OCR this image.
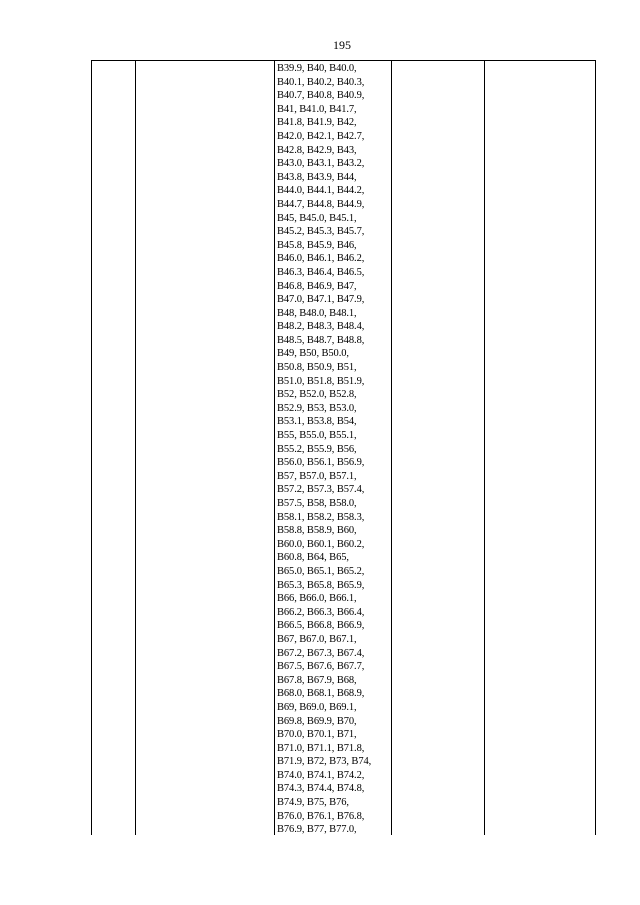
195
B39.9, B40, B40.0,
B40.1, B40.2, B40.3,
B40.7, B40.8, B40.9,
B41, B41.0, B41.7,
B41.8, B41.9, B42,
B42.0, B42.1, B42.7,
B42.8, B42.9, B43,
B43.0, B43.1, B43.2,
B43.8, B43.9, B44,
B44.0, B44.1, B44.2,
B44.7, B44.8, B44.9,
B45, B45.0, B45.1,
B45.2, B45.3, B45.7,
B45.8, B45.9, B46,
B46.0, B46.1, B46.2,
B46.3, B46.4, B46.5,
B46.8, B46.9, B47,
B47.0, B47.1, B47.9,
B48, B48.0, B48.1,
B48.2, B48.3, B48.4,
B48.5, B48.7, B48.8,
B49, B50, B50.0,
B50.8, B50.9, B51,
B51.0, B51.8, B51.9,
B52, B52.0, B52.8,
B52.9, B53, B53.0,
B53.1, B53.8, B54,
B55, B55.0, B55.1,
B55.2, B55.9, B56,
B56.0, B56.1, B56.9,
B57, B57.0, B57.1,
B57.2, B57.3, B57.4,
B57.5, B58, B58.0,
B58.1, B58.2, B58.3,
B58.8, B58.9, B60,
B60.0, B60.1, B60.2,
B60.8, B64, B65,
B65.0, B65.1, B65.2,
B65.3, B65.8, B65.9,
B66, B66.0, B66.1,
B66.2, B66.3, B66.4,
B66.5, B66.8, B66.9,
B67, B67.0, B67.1,
B67.2, B67.3, B67.4,
B67.5, B67.6, B67.7,
B67.8, B67.9, B68,
B68.0, B68.1, B68.9,
B69, B69.0, B69.1,
B69.8, B69.9, B70,
B70.0, B70.1, B71,
B71.0, B71.1, B71.8,
B71.9, B72, B73, B74,
B74.0, B74.1, B74.2,
B74.3, B74.4, B74.8,
B74.9, B75, B76,
B76.0, B76.1, B76.8,
B76.9, B77, B77.0,
